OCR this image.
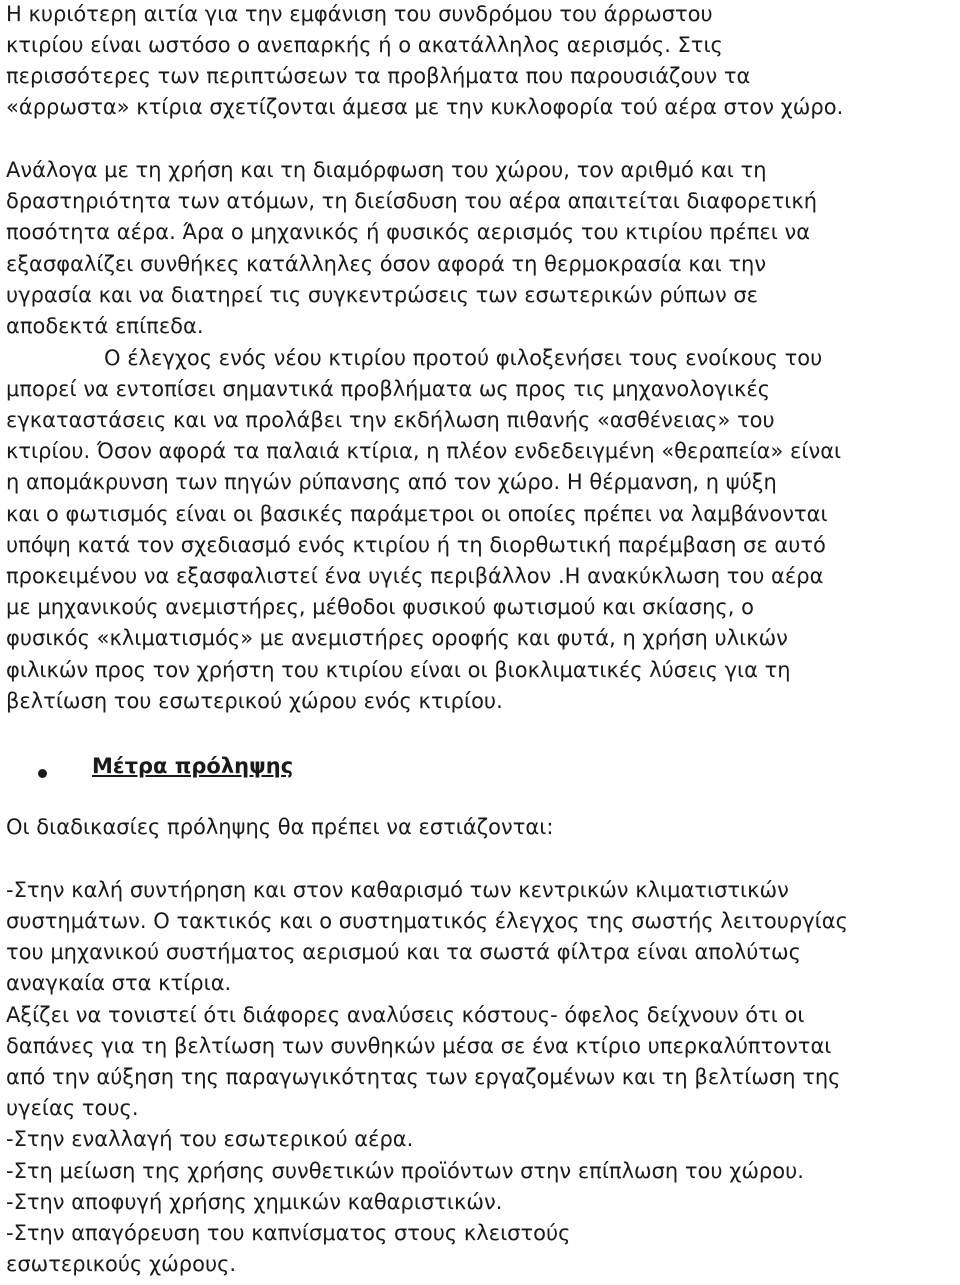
Η κυριότερη αιτία για την εμφάνιση του συνδρόμου του άρρωστου
κτιρίου είναι ωστόσο ο ανεπαρκής ή ο ακατάλληλος αερισμός. Στις
περισσότερες των περιπτώσεων τα προβλήματα που παρουσιάζουν τα
«άρρωστα» κτίρια σχετίζονται άμεσα με την κυκλοφορία τού αέρα στον χώρο.
Ανάλογα με τη χρήση και τη διαμόρφωση του χώρου, τον αριθμό και τη
δραστηριότητα των ατόμων, τη διείσδυση του αέρα απαιτείται διαφορετική
ποσότητα αέρα. Άρα ο μηχανικός ή φυσικός αερισμός του κτιρίου πρέπει να
εξασφαλίζει συνθήκες κατάλληλες όσον αφορά τη θερμοκρασία και την
υγρασία και να διατηρεί τις συγκεντρώσεις των εσωτερικών ρύπων σε
αποδεκτά επίπεδα.
Ο έλεγχος ενός νέου κτιρίου προτού φιλοξενήσει τους ενοίκους του
μπορεί να εντοπίσει σημαντικά προβλήματα ως προς τις μηχανολογικές
εγκαταστάσεις και να προλάβει την εκδήλωση πιθανής «ασθένειας» του
κτιρίου. Όσον αφορά τα παλαιά κτίρια, η πλέον ενδεδειγμένη «θεραπεία» είναι
η απομάκρυνση των πηγών ρύπανσης από τον χώρο. Η θέρμανση, η ψύξη
και ο φωτισμός είναι οι βασικές παράμετροι οι οποίες πρέπει να λαμβάνονται
υπόψη κατά τον σχεδιασμό ενός κτιρίου ή τη διορθωτική παρέμβαση σε αυτό
προκειμένου να εξασφαλιστεί ένα υγιές περιβάλλον .Η ανακύκλωση του αέρα
με μηχανικούς ανεμιστήρες, μέθοδοι φυσικού φωτισμού και σκίασης, ο
φυσικός «κλιματισμός» με ανεμιστήρες οροφής και φυτά, η χρήση υλικών
φιλικών προς τον χρήστη του κτιρίου είναι οι βιοκλιματικές λύσεις για τη
βελτίωση του εσωτερικού χώρου ενός κτιρίου.
Μέτρα πρόληψης
Οι διαδικασίες πρόληψης θα πρέπει να εστιάζονται:
-Στην καλή συντήρηση και στον καθαρισμό των κεντρικών κλιματιστικών
συστημάτων. Ο τακτικός και ο συστηματικός έλεγχος της σωστής λειτουργίας
του μηχανικού συστήματος αερισμού και τα σωστά φίλτρα είναι απολύτως
αναγκαία στα κτίρια.
Αξίζει να τονιστεί ότι διάφορες αναλύσεις κόστους- όφελος δείχνουν ότι οι
δαπάνες για τη βελτίωση των συνθηκών μέσα σε ένα κτίριο υπερκαλύπτονται
από την αύξηση της παραγωγικότητας των εργαζομένων και τη βελτίωση της
υγείας τους.
-Στην εναλλαγή του εσωτερικού αέρα.
-Στη μείωση της χρήσης συνθετικών προϊόντων στην επίπλωση του χώρου.
-Στην αποφυγή χρήσης χημικών καθαριστικών.
-Στην απαγόρευση του καπνίσματος στους κλειστούς
εσωτερικούς χώρους.
